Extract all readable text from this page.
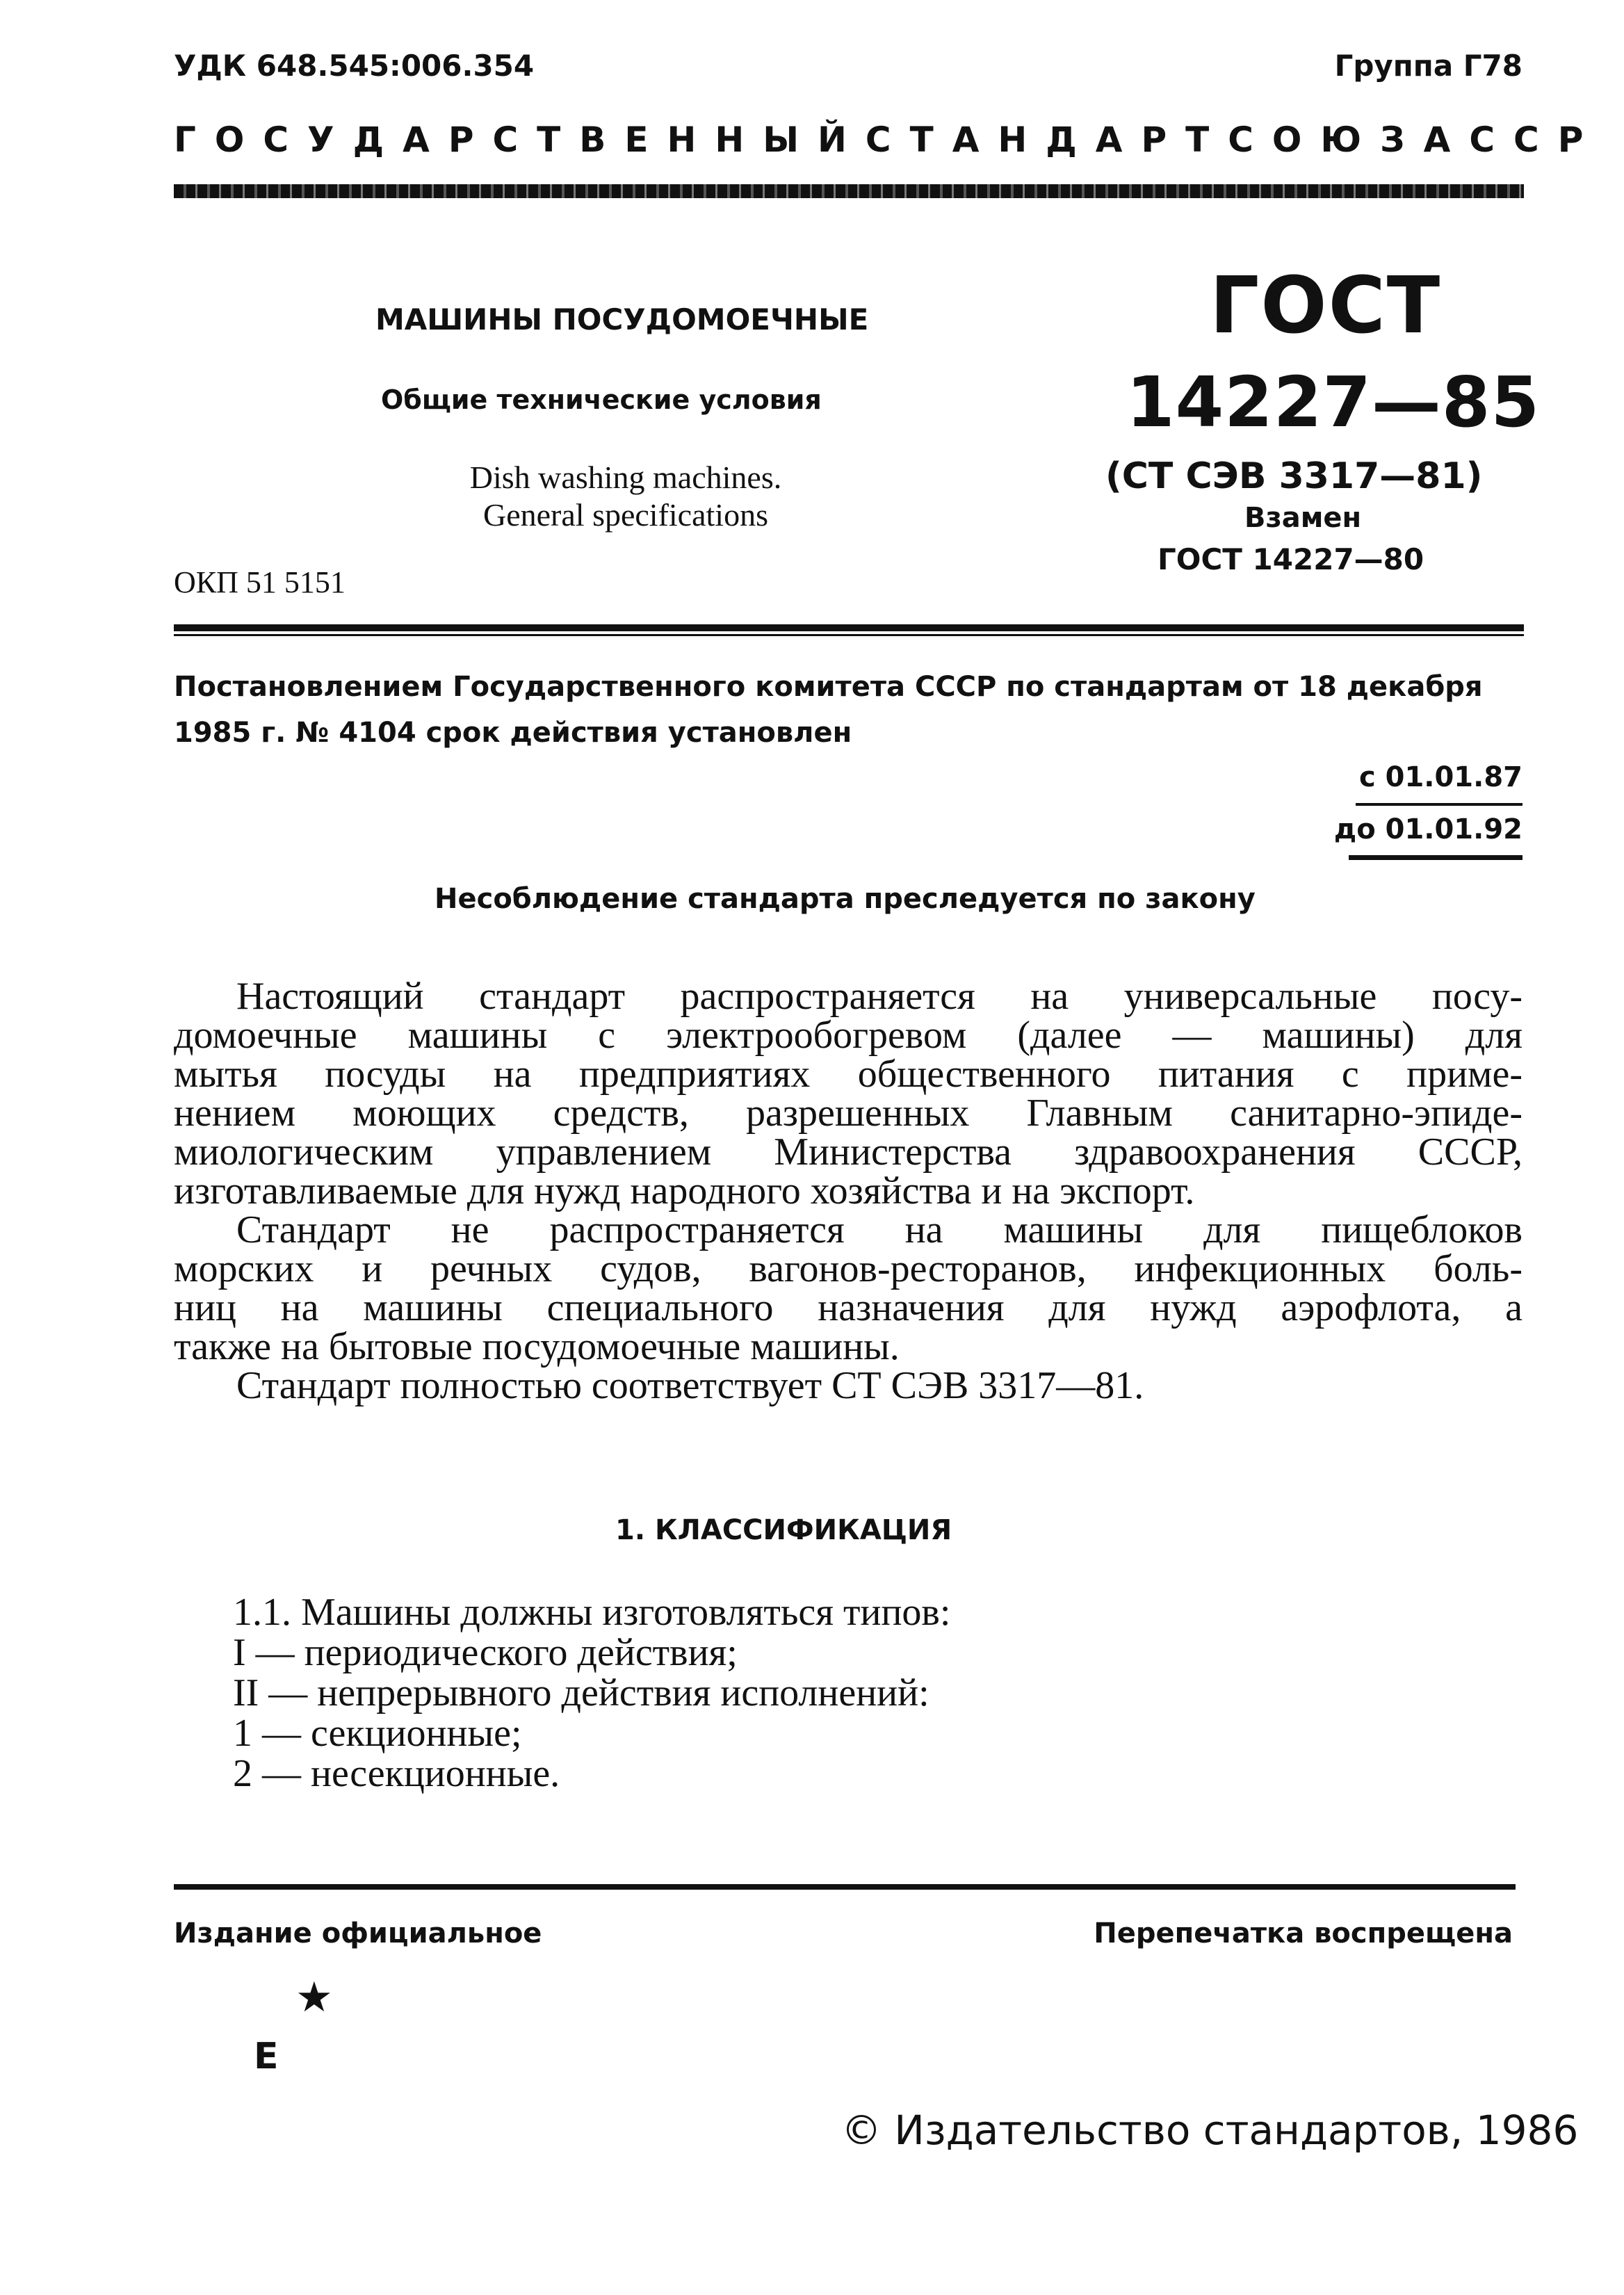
УДК 648.545:006.354	Группа Г78
ГОСУДАРСТВЕННЫЙ СТАНДАРТ СОЮЗА ССР
МАШИНЫ ПОСУДОМОЕЧНЫЕ
Общие технические условия
Dish washing machines.
General specifications
ОКП 51 5151
ГОСТ
14227—85
(СТ СЭВ 3317—81)
Взамен
ГОСТ 14227—80
Постановлением Государственного комитета СССР по стандартам от 18 декабря 1985 г. № 4104 срок действия установлен
с 01.01.87
до 01.01.92
Несоблюдение стандарта преследуется по закону
Настоящий стандарт распространяется на универсальные посу-
домоечные машины с электрообогревом (далее — машины) для
мытья посуды на предприятиях общественного питания с приме-
нением моющих средств, разрешенных Главным санитарно-эпиде-
миологическим управлением Министерства здравоохранения СССР,
изготавливаемые для нужд народного хозяйства и на экспорт.
Стандарт не распространяется на машины для пищеблоков
морских и речных судов, вагонов-ресторанов, инфекционных боль-
ниц на машины специального назначения для нужд аэрофлота, а
также на бытовые посудомоечные машины.
Стандарт полностью соответствует СТ СЭВ 3317—81.
1. КЛАССИФИКАЦИЯ
1.1. Машины должны изготовляться типов:
I — периодического действия;
II — непрерывного действия исполнений:
1 — секционные;
2 — несекционные.
Издание официальное	Перепечатка воспрещена
★
Е
© Издательство стандартов, 1986
